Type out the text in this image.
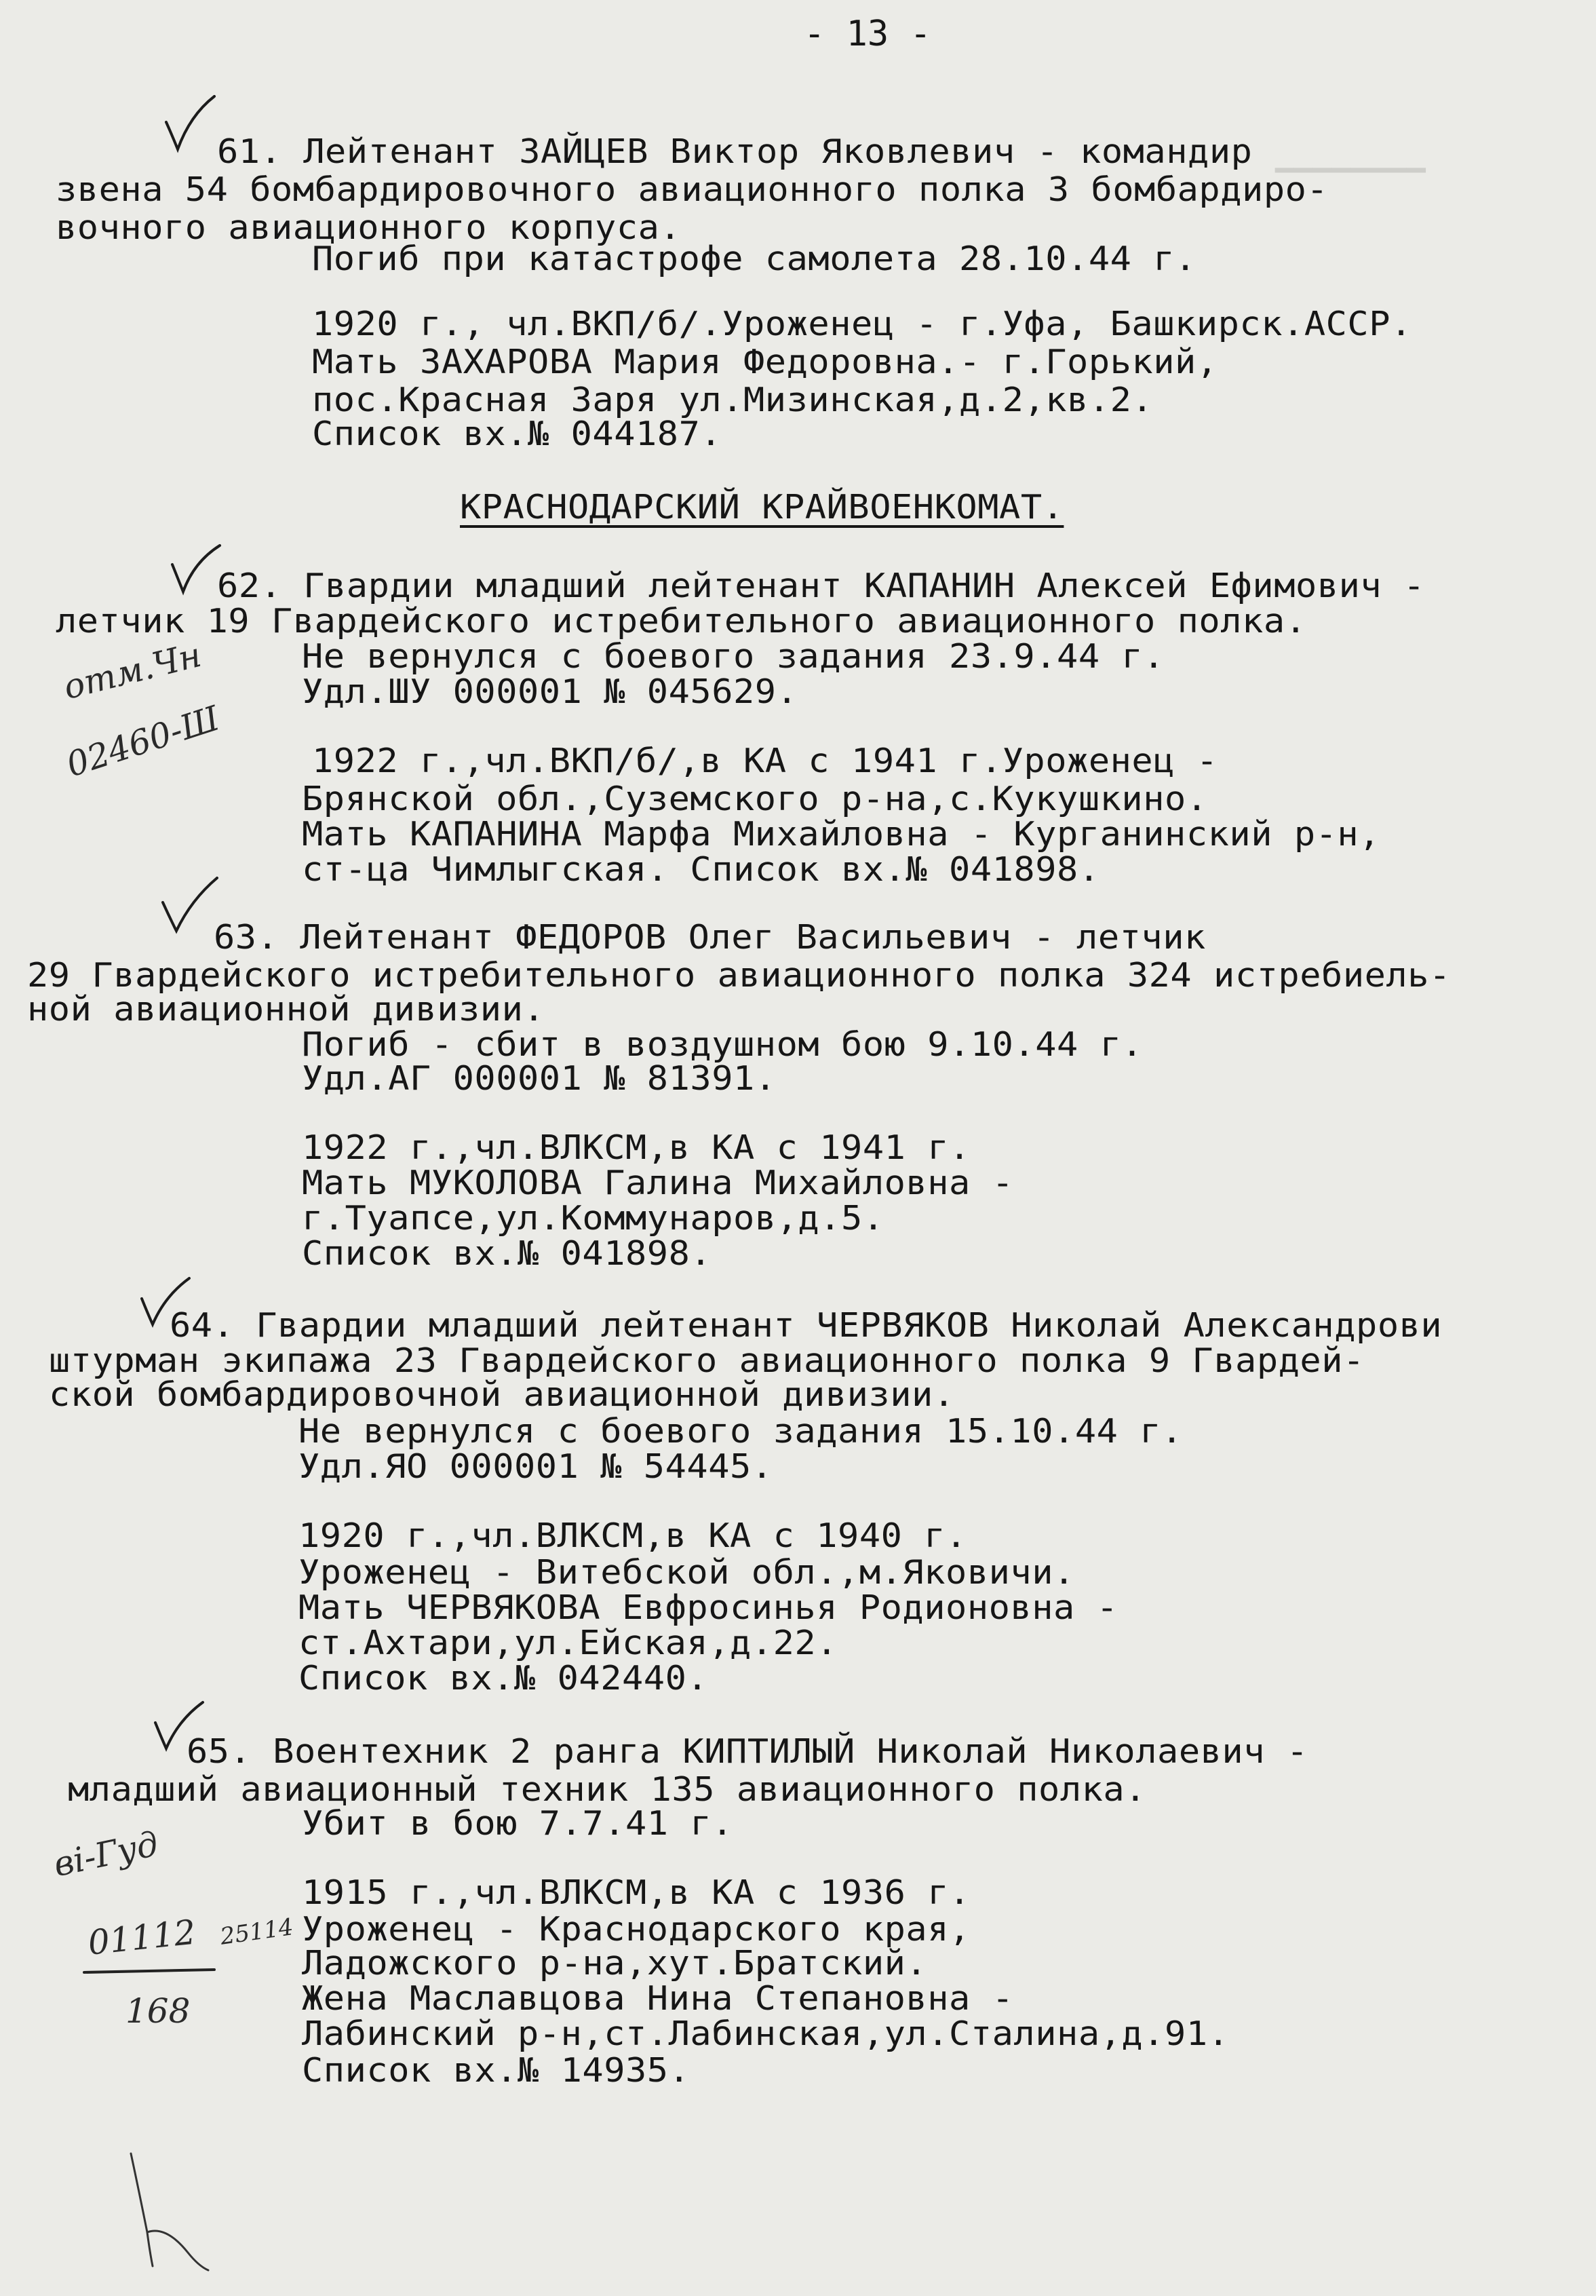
▁▁▁▁▁▁▁▁
- 13 -
61. Лейтенант ЗАЙЦЕВ Виктор Яковлевич - командир
звена 54 бомбардировочного авиационного полка 3 бомбардиро-
вочного авиационного корпуса.
Погиб при катастрофе самолета 28.10.44 г.
1920 г., чл.ВКП/б/.Уроженец - г.Уфа, Башкирск.АССР.
Мать ЗАХАРОВА Мария Федоровна.- г.Горький,
пос.Красная Заря ул.Мизинская,д.2,кв.2.
Список вх.№ 044187.
КРАСНОДАРСКИЙ КРАЙВОЕНКОМАТ.
62. Гвардии младший лейтенант КАПАНИН Алексей Ефимович -
летчик 19 Гвардейского истребительного авиационного полка.
Не вернулся с боевого задания 23.9.44 г.
Удл.ШУ 000001 № 045629.
1922 г.,чл.ВКП/б/,в КА с 1941 г.Уроженец -
Брянской обл.,Суземского р-на,с.Кукушкино.
Мать КАПАНИНА Марфа Михайловна - Курганинский р-н,
ст-ца Чимлыгская. Список вх.№ 041898.
63. Лейтенант ФЕДОРОВ Олег Васильевич - летчик
29 Гвардейского истребительного авиационного полка 324 истребиель-
ной авиационной дивизии.
Погиб - сбит в воздушном бою 9.10.44 г.
Удл.АГ 000001 № 81391.
1922 г.,чл.ВЛКСМ,в КА с 1941 г.
Мать МУКОЛОВА Галина Михайловна -
г.Туапсе,ул.Коммунаров,д.5.
Список вх.№ 041898.
64. Гвардии младший лейтенант ЧЕРВЯКОВ Николай Александрови
штурман экипажа 23 Гвардейского авиационного полка 9 Гвардей-
ской бомбардировочной авиационной дивизии.
Не вернулся с боевого задания 15.10.44 г.
Удл.ЯО 000001 № 54445.
1920 г.,чл.ВЛКСМ,в КА с 1940 г.
Уроженец - Витебской обл.,м.Яковичи.
Мать ЧЕРВЯКОВА Евфросинья Родионовна -
ст.Ахтари,ул.Ейская,д.22.
Список вх.№ 042440.
65. Воентехник 2 ранга КИПТИЛЫЙ Николай Николаевич -
младший авиационный техник 135 авиационного полка.
Убит в бою 7.7.41 г.
1915 г.,чл.ВЛКСМ,в КА с 1936 г.
Уроженец - Краснодарского края,
Ладожского р-на,хут.Братский.
Жена Маславцова Нина Степановна -
Лабинский р-н,ст.Лабинская,ул.Сталина,д.91.
Список вх.№ 14935.
отм.Чн
02460-Ш
вi-Гуд
01112 25114
168
